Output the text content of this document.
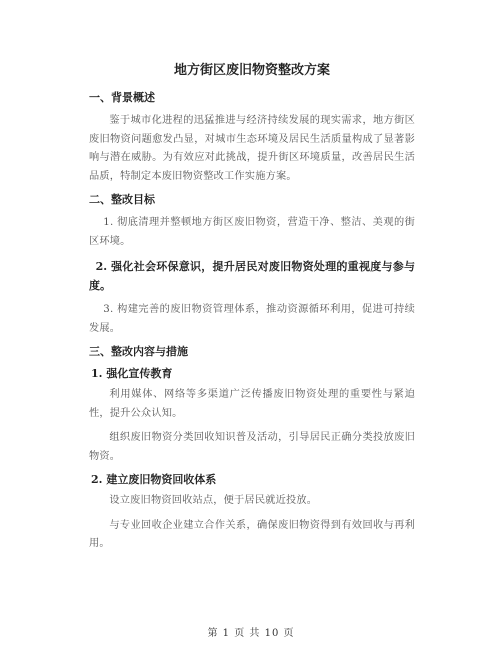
地方街区废旧物资整改方案
一、背景概述
鉴于城市化进程的迅猛推进与经济持续发展的现实需求，地方街区废旧物资问题愈发凸显，对城市生态环境及居民生活质量构成了显著影响与潜在威胁。为有效应对此挑战，提升街区环境质量，改善居民生活品质，特制定本废旧物资整改工作实施方案。
二、整改目标
1. 彻底清理并整顿地方街区废旧物资，营造干净、整洁、美观的街区环境。
2. 强化社会环保意识，提升居民对废旧物资处理的重视度与参与度。
3. 构建完善的废旧物资管理体系，推动资源循环利用，促进可持续发展。
三、整改内容与措施
1. 强化宣传教育
利用媒体、网络等多渠道广泛传播废旧物资处理的重要性与紧迫性，提升公众认知。
组织废旧物资分类回收知识普及活动，引导居民正确分类投放废旧物资。
2. 建立废旧物资回收体系
设立废旧物资回收站点，便于居民就近投放。
与专业回收企业建立合作关系，确保废旧物资得到有效回收与再利用。
第 1 页 共 10 页
